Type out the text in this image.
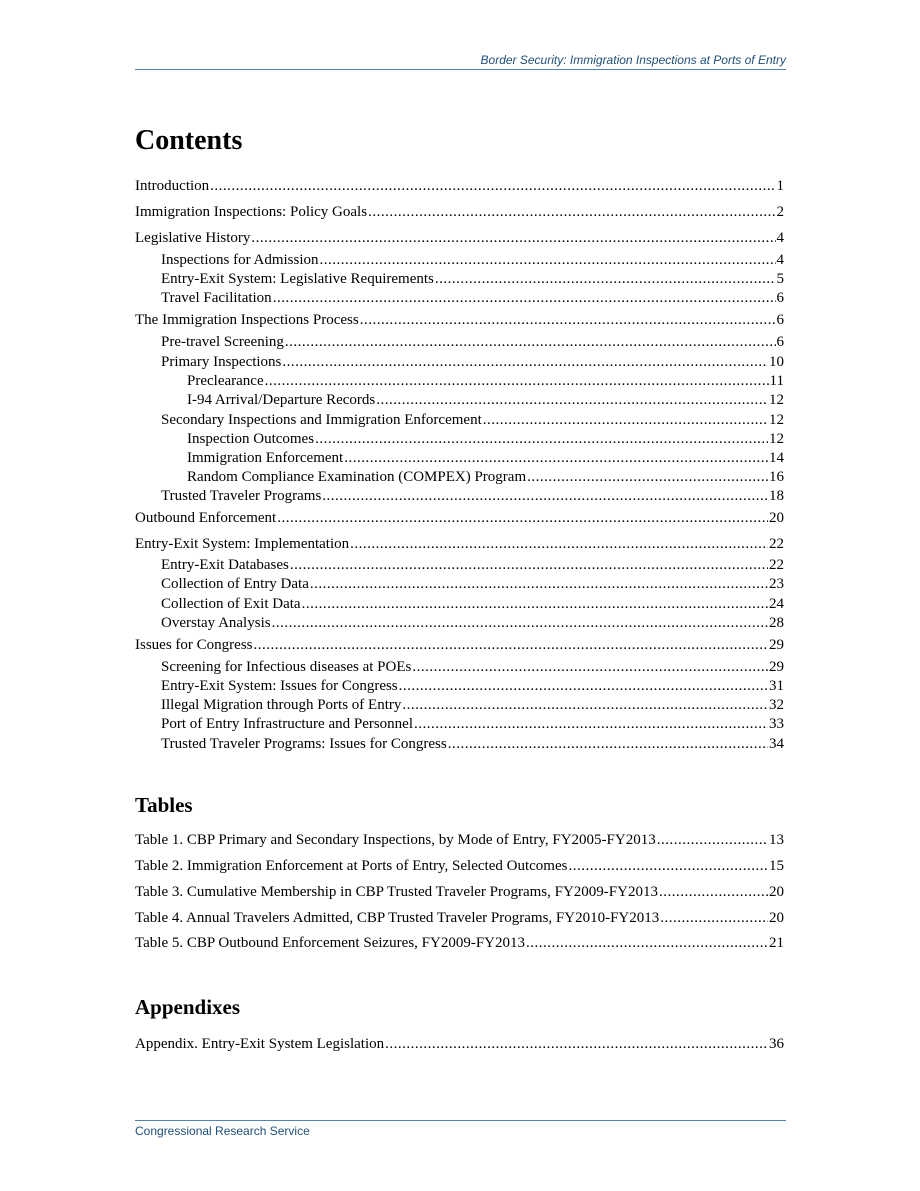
Border Security: Immigration Inspections at Ports of Entry
Contents
Introduction .....	1
Immigration Inspections: Policy Goals .....	2
Legislative History .....	4
Inspections for Admission .....	4
Entry-Exit System: Legislative Requirements .....	5
Travel Facilitation .....	6
The Immigration Inspections Process .....	6
Pre-travel Screening .....	6
Primary Inspections .....	10
Preclearance .....	11
I-94 Arrival/Departure Records .....	12
Secondary Inspections and Immigration Enforcement .....	12
Inspection Outcomes .....	12
Immigration Enforcement .....	14
Random Compliance Examination (COMPEX) Program .....	16
Trusted Traveler Programs .....	18
Outbound Enforcement .....	20
Entry-Exit System: Implementation .....	22
Entry-Exit Databases .....	22
Collection of Entry Data .....	23
Collection of Exit Data .....	24
Overstay Analysis .....	28
Issues for Congress .....	29
Screening for Infectious diseases at POEs .....	29
Entry-Exit System: Issues for Congress .....	31
Illegal Migration through Ports of Entry .....	32
Port of Entry Infrastructure and Personnel .....	33
Trusted Traveler Programs: Issues for Congress .....	34
Tables
Table 1. CBP Primary and Secondary Inspections, by Mode of Entry, FY2005-FY2013 .....	13
Table 2. Immigration Enforcement at Ports of Entry, Selected Outcomes .....	15
Table 3. Cumulative Membership in CBP Trusted Traveler Programs, FY2009-FY2013 .....	20
Table 4. Annual Travelers Admitted, CBP Trusted Traveler Programs, FY2010-FY2013 .....	20
Table 5. CBP Outbound Enforcement Seizures, FY2009-FY2013 .....	21
Appendixes
Appendix. Entry-Exit System Legislation .....	36
Congressional Research Service
